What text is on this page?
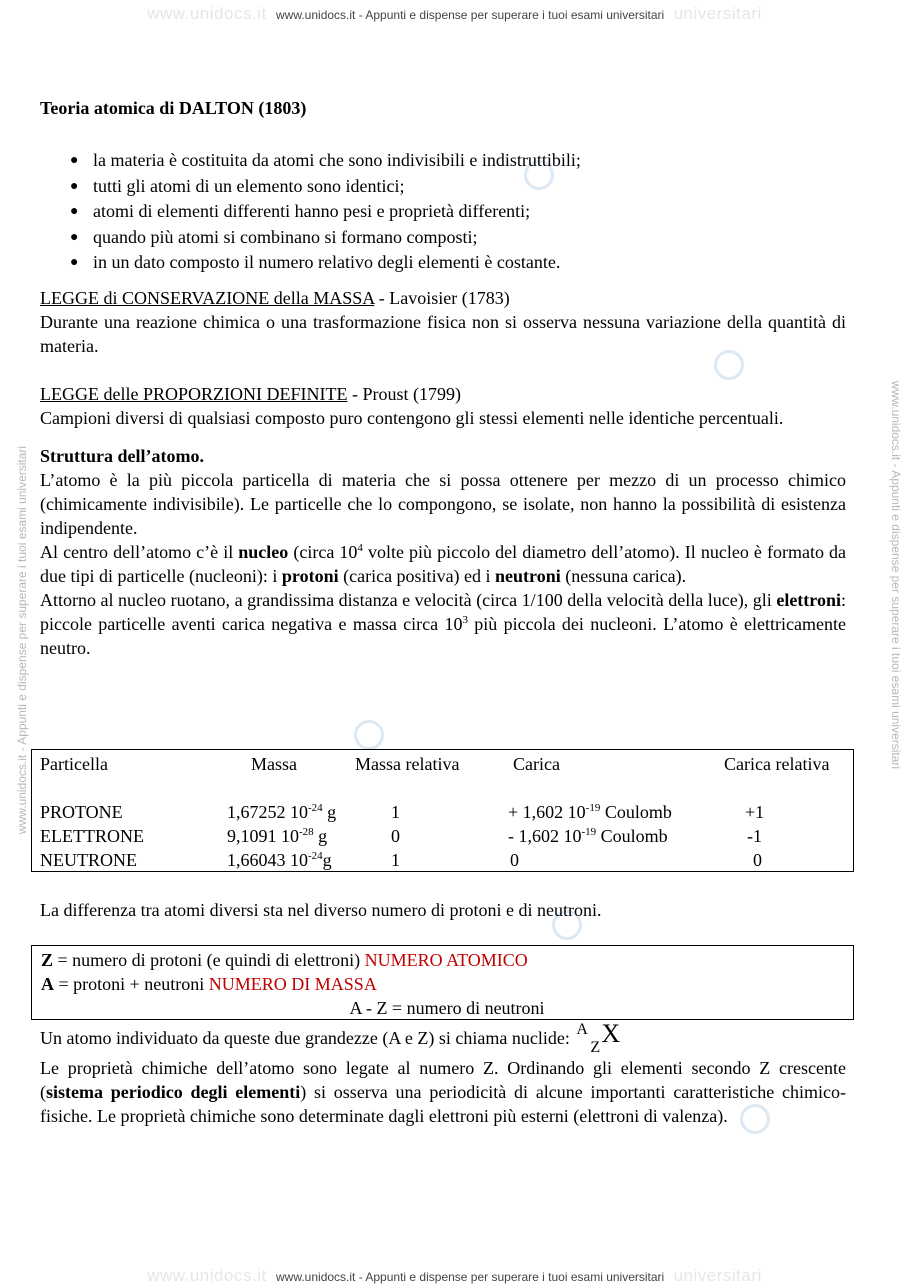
www.unidocs.it www.unidocs.it - Appunti e dispense per superare i tuoi esami universitari universitari
www.unidocs.it www.unidocs.it - Appunti e dispense per superare i tuoi esami universitari universitari
www.unidocs.it - Appunti e dispense per superare i tuoi esami universitari	www.unidocs.it - Appunti e dispense per superare i tuoi esami universitari
Teoria atomica di DALTON (1803)
● la materia è costituita da atomi che sono indivisibili e indistruttibili;
● tutti gli atomi di un elemento sono identici;
● atomi di elementi differenti hanno pesi e proprietà differenti;
● quando più atomi si combinano si formano composti;
● in un dato composto il numero relativo degli elementi è costante.
LEGGE di CONSERVAZIONE della MASSA - Lavoisier (1783)

Durante una reazione chimica o una trasformazione fisica non si osserva nessuna variazione della quantità di materia.

LEGGE delle PROPORZIONI DEFINITE - Proust (1799)

Campioni diversi di qualsiasi composto puro contengono gli stessi elementi nelle identiche percentuali.

Struttura dell’atomo.

L’atomo è la più piccola particella di materia che si possa ottenere per mezzo di un processo chimico (chimicamente indivisibile). Le particelle che lo compongono, se isolate, non hanno la possibilità di esistenza indipendente.

Al centro dell’atomo c’è il nucleo (circa $10^4$ volte più piccolo del diametro dell’atomo). Il nucleo è formato da due tipi di particelle (nucleoni): i protoni (carica positiva) ed i neutroni (nessuna carica).

Attorno al nucleo ruotano, a grandissima distanza e velocità (circa 1/100 della velocità della luce), gli elettroni: piccole particelle aventi carica negativa e massa circa $10^3$ più piccola dei nucleoni. L’atomo è elettricamente neutro.

Particella	Massa	Massa relativa	Carica	Carica relativa
PROTONE	1,67252 $10^{-24}$ g	1	+ 1,602 $10^{-19}$ Coulomb	+1
ELETTRONE	9,1091 $10^{-28}$ g	0	- 1,602 $10^{-19}$ Coulomb	-1
NEUTRONE	1,66043 $10^{-24}g$	1	0	0
La differenza tra atomi diversi sta nel diverso numero di protoni e di neutroni.
Z = numero di protoni (e quindi di elettroni) NUMERO ATOMICO
A = protoni + neutroni NUMERO DI MASSA
A - Z = numero di neutroni
Un atomo individuato da queste due grandezze (A e Z) si chiama nuclide: A
Z X
Le proprietà chimiche dell’atomo sono legate al numero Z. Ordinando gli elementi secondo Z crescente (sistema periodico degli elementi) si osserva una periodicità di alcune importanti caratteristiche chimico-fisiche. Le proprietà chimiche sono determinate dagli elettroni più esterni (elettroni di valenza).
